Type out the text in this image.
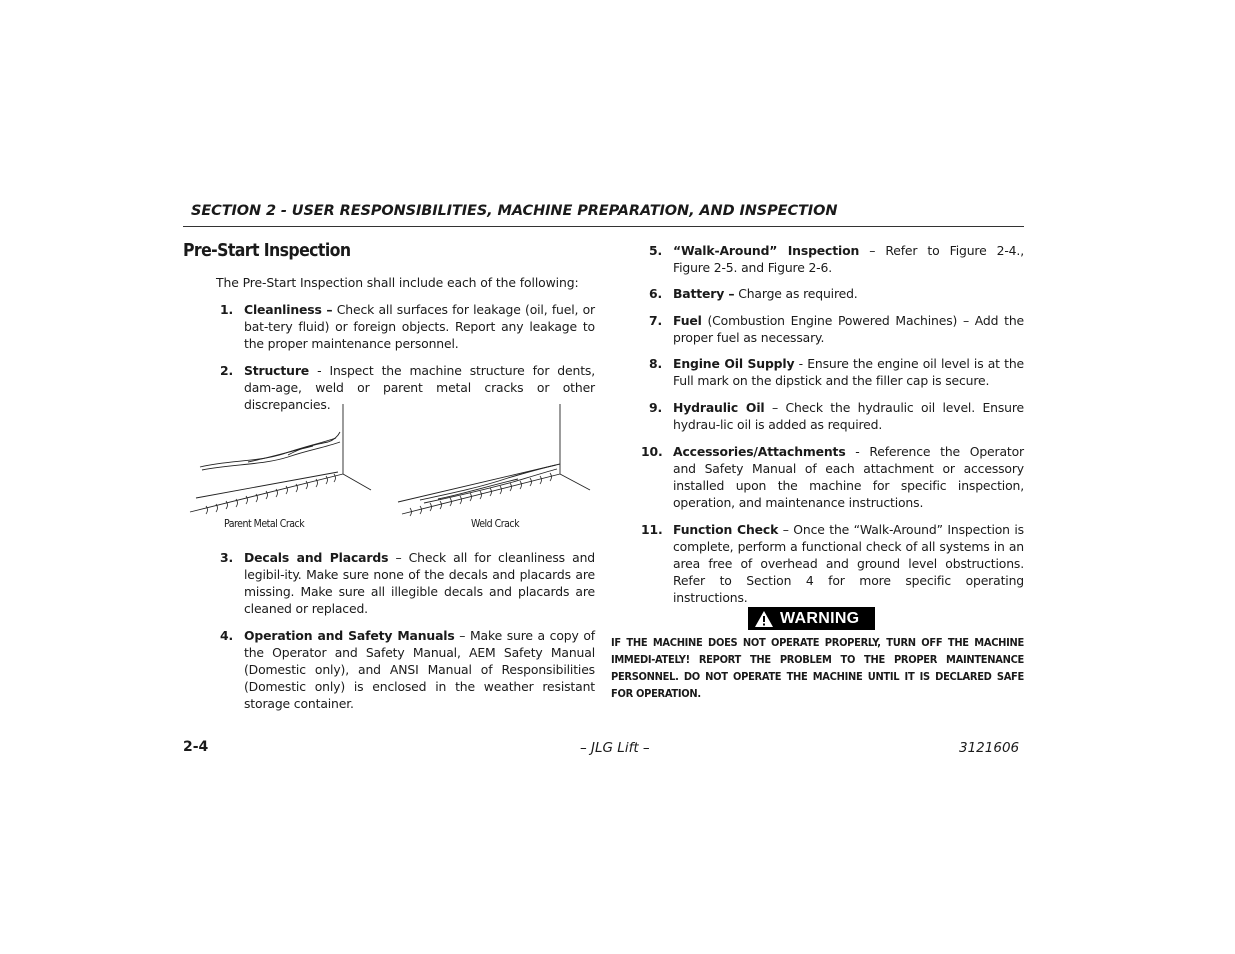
SECTION 2 - USER RESPONSIBILITIES, MACHINE PREPARATION, AND INSPECTION
Pre-Start Inspection
The Pre-Start Inspection shall include each of the following:
1. Cleanliness – Check all surfaces for leakage (oil, fuel, or bat-tery fluid) or foreign objects. Report any leakage to the proper maintenance personnel.
2. Structure - Inspect the machine structure for dents, dam-age, weld or parent metal cracks or other discrepancies.
Parent Metal Crack	Weld Crack
3. Decals and Placards – Check all for cleanliness and legibil-ity. Make sure none of the decals and placards are missing. Make sure all illegible decals and placards are cleaned or replaced.
4. Operation and Safety Manuals – Make sure a copy of the Operator and Safety Manual, AEM Safety Manual (Domestic only), and ANSI Manual of Responsibilities (Domestic only) is enclosed in the weather resistant storage container.
5. “Walk-Around” Inspection – Refer to Figure 2-4., Figure 2-5. and Figure 2-6.
6. Battery – Charge as required.
7. Fuel (Combustion Engine Powered Machines) – Add the proper fuel as necessary.
8. Engine Oil Supply - Ensure the engine oil level is at the Full mark on the dipstick and the filler cap is secure.
9. Hydraulic Oil – Check the hydraulic oil level. Ensure hydrau-lic oil is added as required.
10. Accessories/Attachments - Reference the Operator and Safety Manual of each attachment or accessory installed upon the machine for specific inspection, operation, and maintenance instructions.
11. Function Check – Once the “Walk-Around” Inspection is complete, perform a functional check of all systems in an area free of overhead and ground level obstructions. Refer to Section 4 for more specific operating instructions.
WARNING
IF THE MACHINE DOES NOT OPERATE PROPERLY, TURN OFF THE MACHINE IMMEDI-ATELY! REPORT THE PROBLEM TO THE PROPER MAINTENANCE PERSONNEL. DO NOT OPERATE THE MACHINE UNTIL IT IS DECLARED SAFE FOR OPERATION.
2-4	– JLG Lift –	3121606
